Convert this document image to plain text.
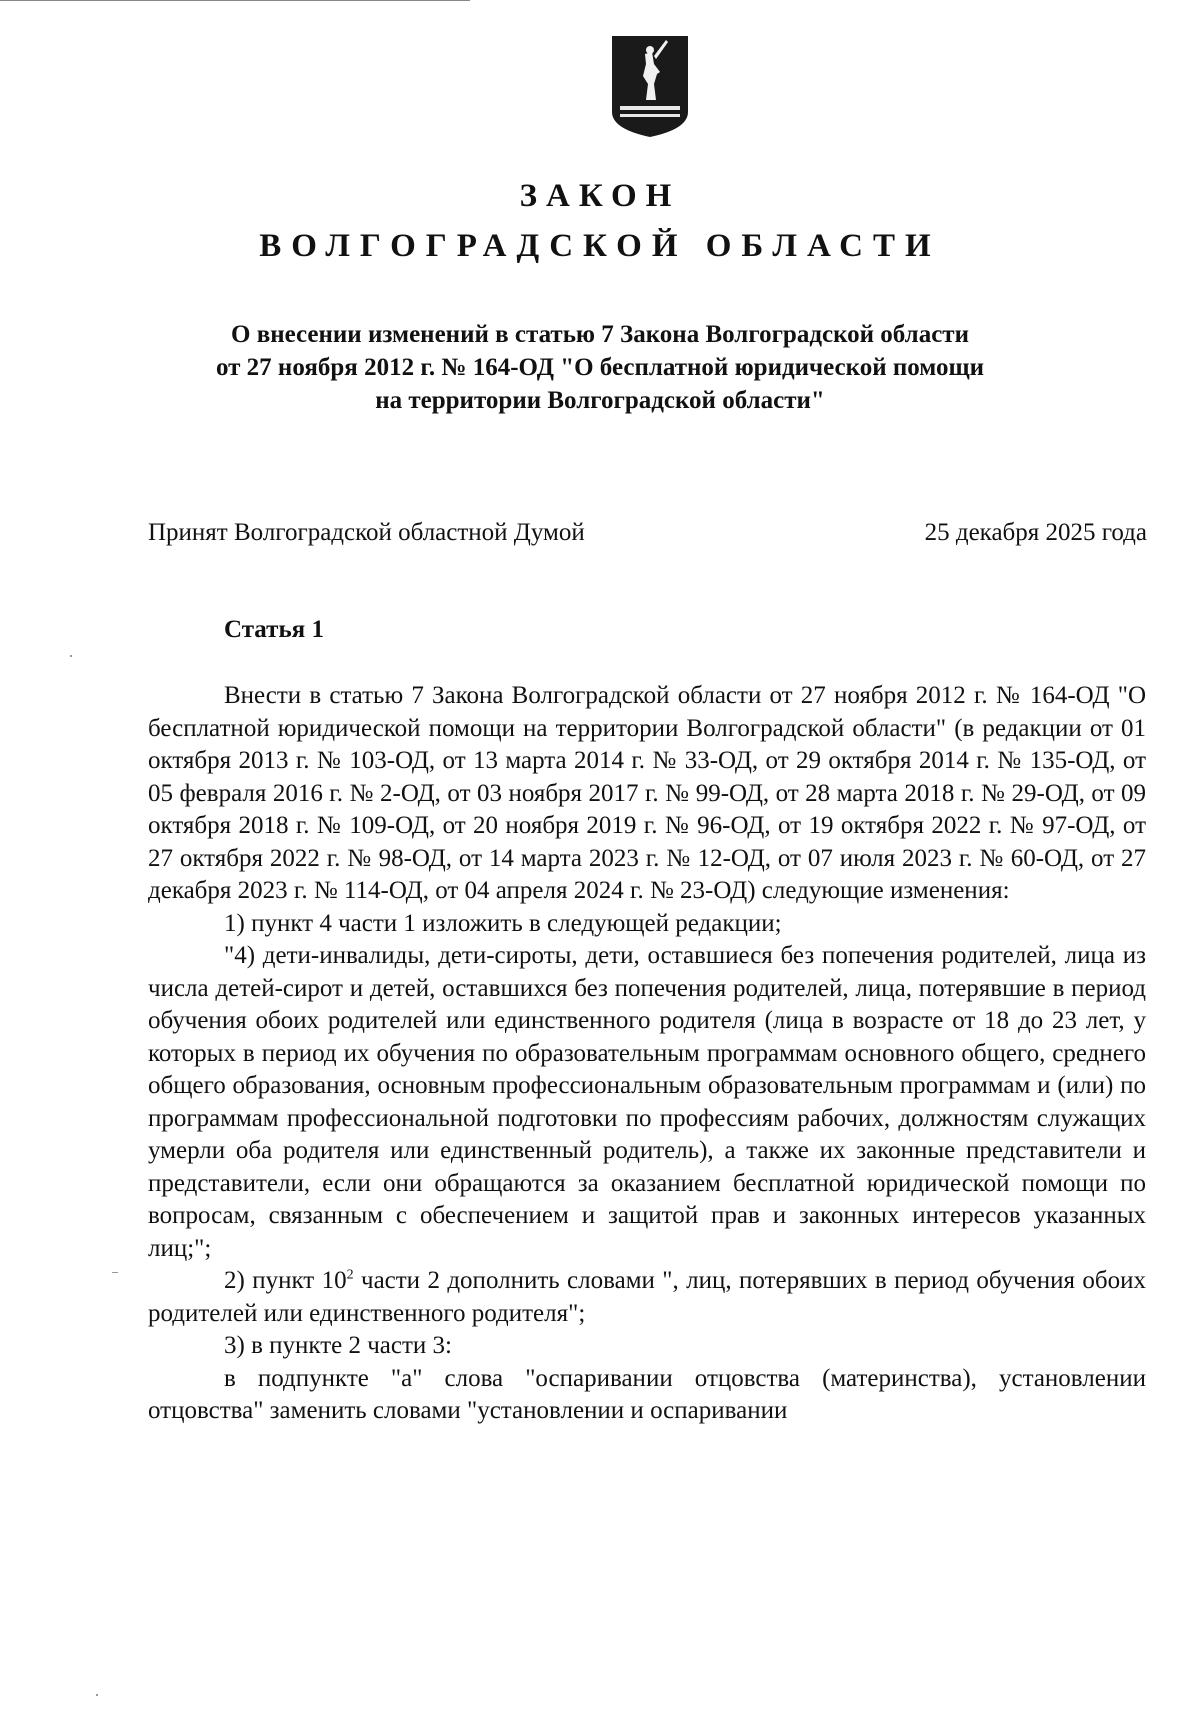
ЗАКОН
ВОЛГОГРАДСКОЙ ОБЛАСТИ
О внесении изменений в статью 7 Закона Волгоградской области
от 27 ноября 2012 г. № 164-ОД "О бесплатной юридической помощи
на территории Волгоградской области"
Принят Волгоградской областной Думой	25 декабря 2025 года
Статья 1

Внести в статью 7 Закона Волгоградской области от 27 ноября 2012 г. № 164-ОД "О бесплатной юридической помощи на территории Волгоградской области" (в редакции от 01 октября 2013 г. № 103-ОД, от 13 марта 2014 г. № 33-ОД, от 29 октября 2014 г. № 135-ОД, от 05 февраля 2016 г. № 2-ОД, от 03 ноября 2017 г. № 99-ОД, от 28 марта 2018 г. № 29-ОД, от 09 октября 2018 г. № 109-ОД, от 20 ноября 2019 г. № 96-ОД, от 19 октября 2022 г. № 97-ОД, от 27 октября 2022 г. № 98-ОД, от 14 марта 2023 г. № 12-ОД, от 07 июля 2023 г. № 60-ОД, от 27 декабря 2023 г. № 114-ОД, от 04 апреля 2024 г. № 23-ОД) следующие изменения:

1) пункт 4 части 1 изложить в следующей редакции;

"4) дети-инвалиды, дети-сироты, дети, оставшиеся без попечения родителей, лица из числа детей-сирот и детей, оставшихся без попечения родителей, лица, потерявшие в период обучения обоих родителей или единственного родителя (лица в возрасте от 18 до 23 лет, у которых в период их обучения по образовательным программам основного общего, среднего общего образования, основным профессиональным образовательным программам и (или) по программам профессиональной подготовки по профессиям рабочих, должностям служащих умерли оба родителя или единственный родитель), а также их законные представители и представители, если они обращаются за оказанием бесплатной юридической помощи по вопросам, связанным с обеспечением и защитой прав и законных интересов указанных лиц;";

2) пункт $10^2$ части 2 дополнить словами ", лиц, потерявших в период обучения обоих родителей или единственного родителя";

3) в пункте 2 части 3:

в подпункте "а" слова "оспаривании отцовства (материнства), установлении отцовства" заменить словами "установлении и оспаривании
